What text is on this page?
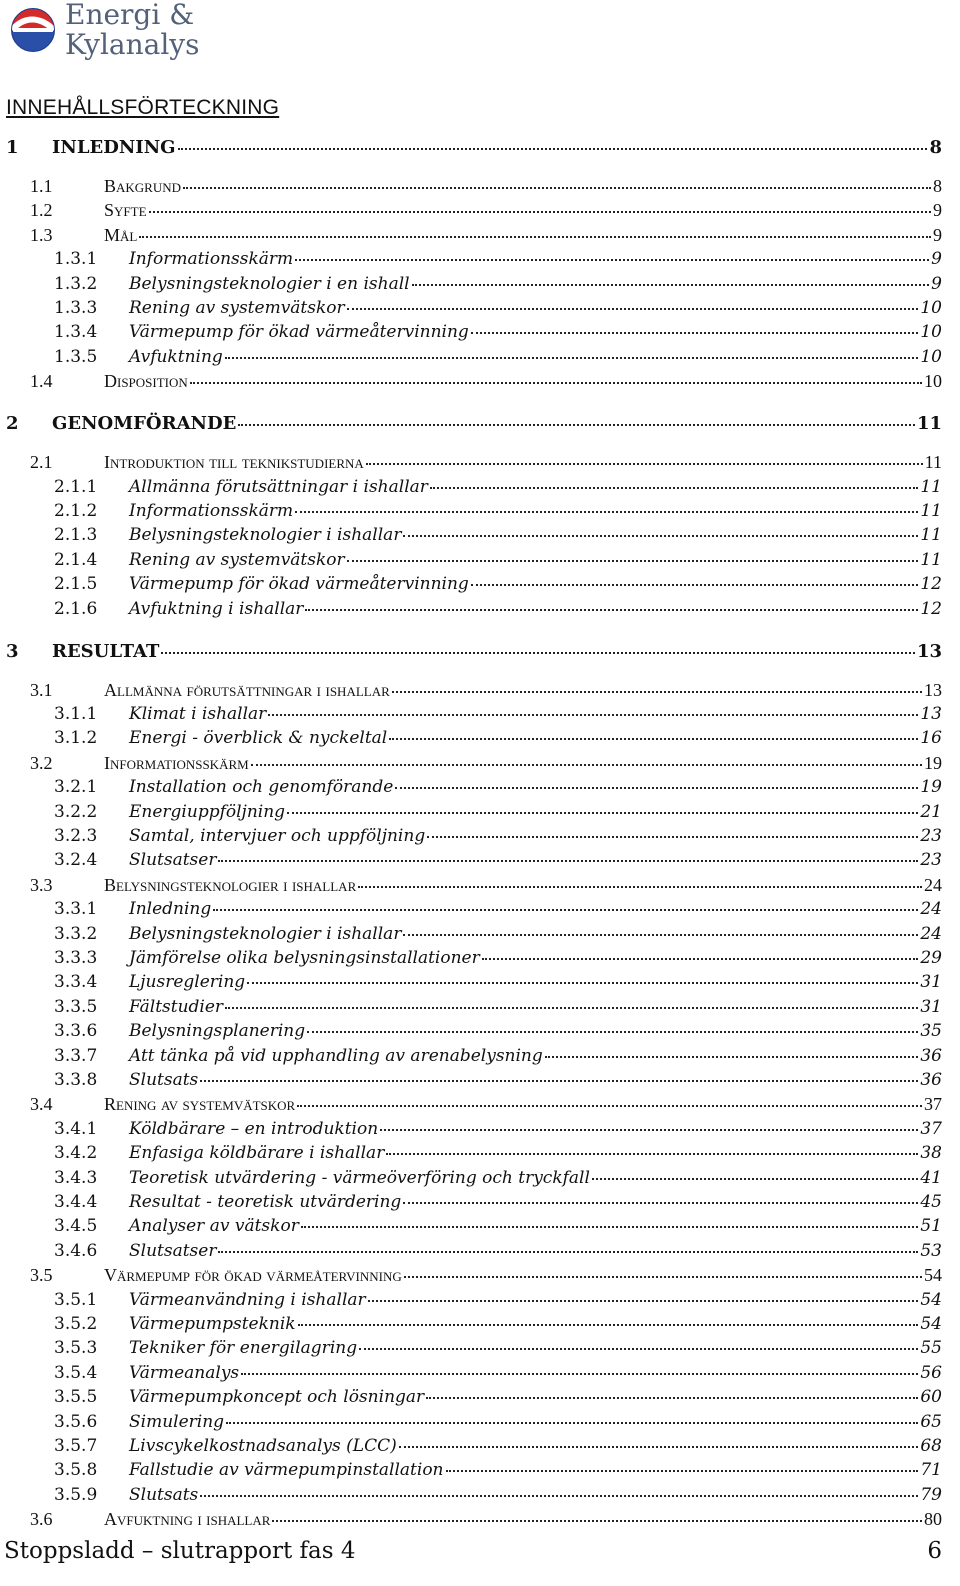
Energi &
Kylanalys
INNEHÅLLSFÖRTECKNING
1 INLEDNING	8
1.1	Bakgrund	8
1.2	Syfte	9
1.3	Mål	9
1.3.1 Informationsskärm	9
1.3.2 Belysningsteknologier i en ishall	9
1.3.3 Rening av systemvätskor	10
1.3.4 Värmepump för ökad värmeåtervinning	10
1.3.5 Avfuktning	10
1.4	Disposition	10
2 GENOMFÖRANDE	11
2.1	Introduktion till teknikstudierna	11
2.1.1 Allmänna förutsättningar i ishallar	11
2.1.2 Informationsskärm	11
2.1.3 Belysningsteknologier i ishallar	11
2.1.4 Rening av systemvätskor	11
2.1.5 Värmepump för ökad värmeåtervinning	12
2.1.6 Avfuktning i ishallar	12
3 RESULTAT	13
3.1	Allmänna förutsättningar i ishallar	13
3.1.1 Klimat i ishallar	13
3.1.2 Energi - överblick & nyckeltal	16
3.2	Informationsskärm	19
3.2.1 Installation och genomförande	19
3.2.2 Energiuppföljning	21
3.2.3 Samtal, intervjuer och uppföljning	23
3.2.4 Slutsatser	23
3.3	Belysningsteknologier i ishallar	24
3.3.1 Inledning	24
3.3.2 Belysningsteknologier i ishallar	24
3.3.3 Jämförelse olika belysningsinstallationer	29
3.3.4 Ljusreglering	31
3.3.5 Fältstudier	31
3.3.6 Belysningsplanering	35
3.3.7 Att tänka på vid upphandling av arenabelysning	36
3.3.8 Slutsats	36
3.4	Rening av systemvätskor	37
3.4.1 Köldbärare – en introduktion	37
3.4.2 Enfasiga köldbärare i ishallar	38
3.4.3 Teoretisk utvärdering - värmeöverföring och tryckfall	41
3.4.4 Resultat - teoretisk utvärdering	45
3.4.5 Analyser av vätskor	51
3.4.6 Slutsatser	53
3.5	Värmepump för ökad värmeåtervinning	54
3.5.1 Värmeanvändning i ishallar	54
3.5.2 Värmepumpsteknik	54
3.5.3 Tekniker för energilagring	55
3.5.4 Värmeanalys	56
3.5.5 Värmepumpkoncept och lösningar	60
3.5.6 Simulering	65
3.5.7 Livscykelkostnadsanalys (LCC)	68
3.5.8 Fallstudie av värmepumpinstallation	71
3.5.9 Slutsats	79
3.6	Avfuktning i ishallar	80
Stoppsladd – slutrapport fas 4	6
